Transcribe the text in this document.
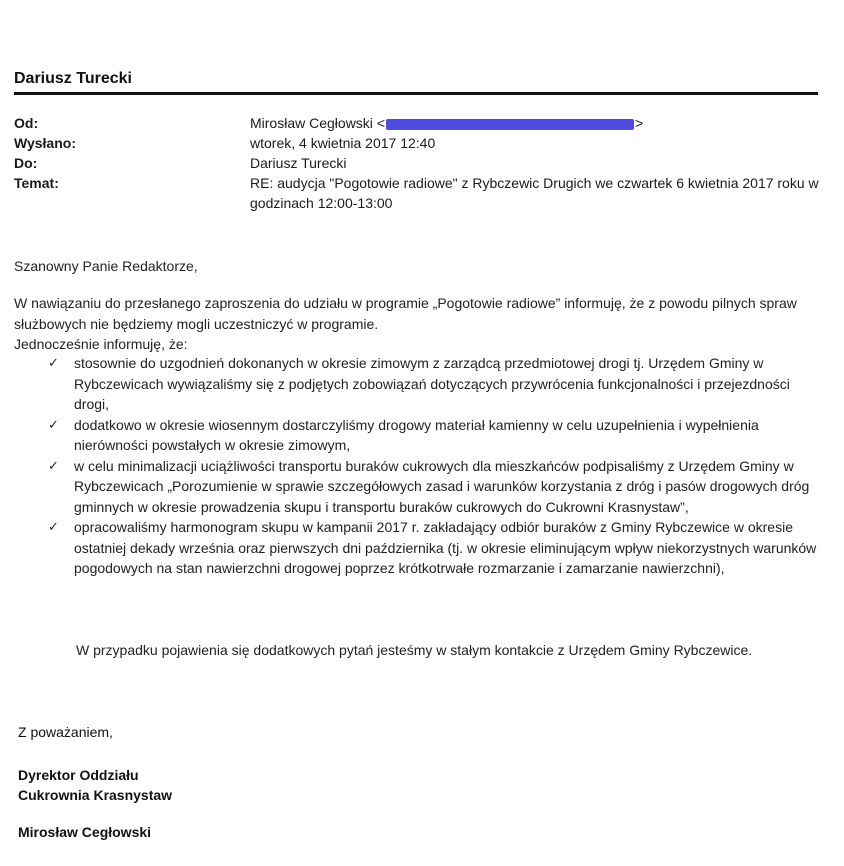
Dariusz Turecki
Od:	Mirosław Cegłowski <	>
Wysłano:	wtorek, 4 kwietnia 2017 12:40
Do:	Dariusz Turecki
Temat:	RE: audycja "Pogotowie radiowe" z Rybczewic Drugich we czwartek 6 kwietnia 2017 roku w godzinach 12:00-13:00
Szanowny Panie Redaktorze,
W nawiązaniu do przesłanego zaproszenia do udziału w programie „Pogotowie radiowe” informuję, że z powodu pilnych spraw służbowych nie będziemy mogli uczestniczyć w programie.
Jednocześnie informuję, że:
✓ stosownie do uzgodnień dokonanych w okresie zimowym z zarządcą przedmiotowej drogi tj. Urzędem Gminy w Rybczewicach wywiązaliśmy się z podjętych zobowiązań dotyczących przywrócenia funkcjonalności i przejezdności drogi,
✓ dodatkowo w okresie wiosennym dostarczyliśmy drogowy materiał kamienny w celu uzupełnienia i wypełnienia nierówności powstałych w okresie zimowym,
✓ w celu minimalizacji uciążliwości transportu buraków cukrowych dla mieszkańców podpisaliśmy z Urzędem Gminy w Rybczewicach „Porozumienie w sprawie szczegółowych zasad i warunków korzystania z dróg i pasów drogowych dróg gminnych w okresie prowadzenia skupu i transportu buraków cukrowych do Cukrowni Krasnystaw”,
✓ opracowaliśmy harmonogram skupu w kampanii 2017 r. zakładający odbiór buraków z Gminy Rybczewice w okresie ostatniej dekady września oraz pierwszych dni października (tj. w okresie eliminującym wpływ niekorzystnych warunków pogodowych na stan nawierzchni drogowej poprzez krótkotrwałe rozmarzanie i zamarzanie nawierzchni),
W przypadku pojawienia się dodatkowych pytań jesteśmy w stałym kontakcie z Urzędem Gminy Rybczewice.
Z poważaniem,
Dyrektor Oddziału
Cukrownia Krasnystaw
Mirosław Cegłowski
